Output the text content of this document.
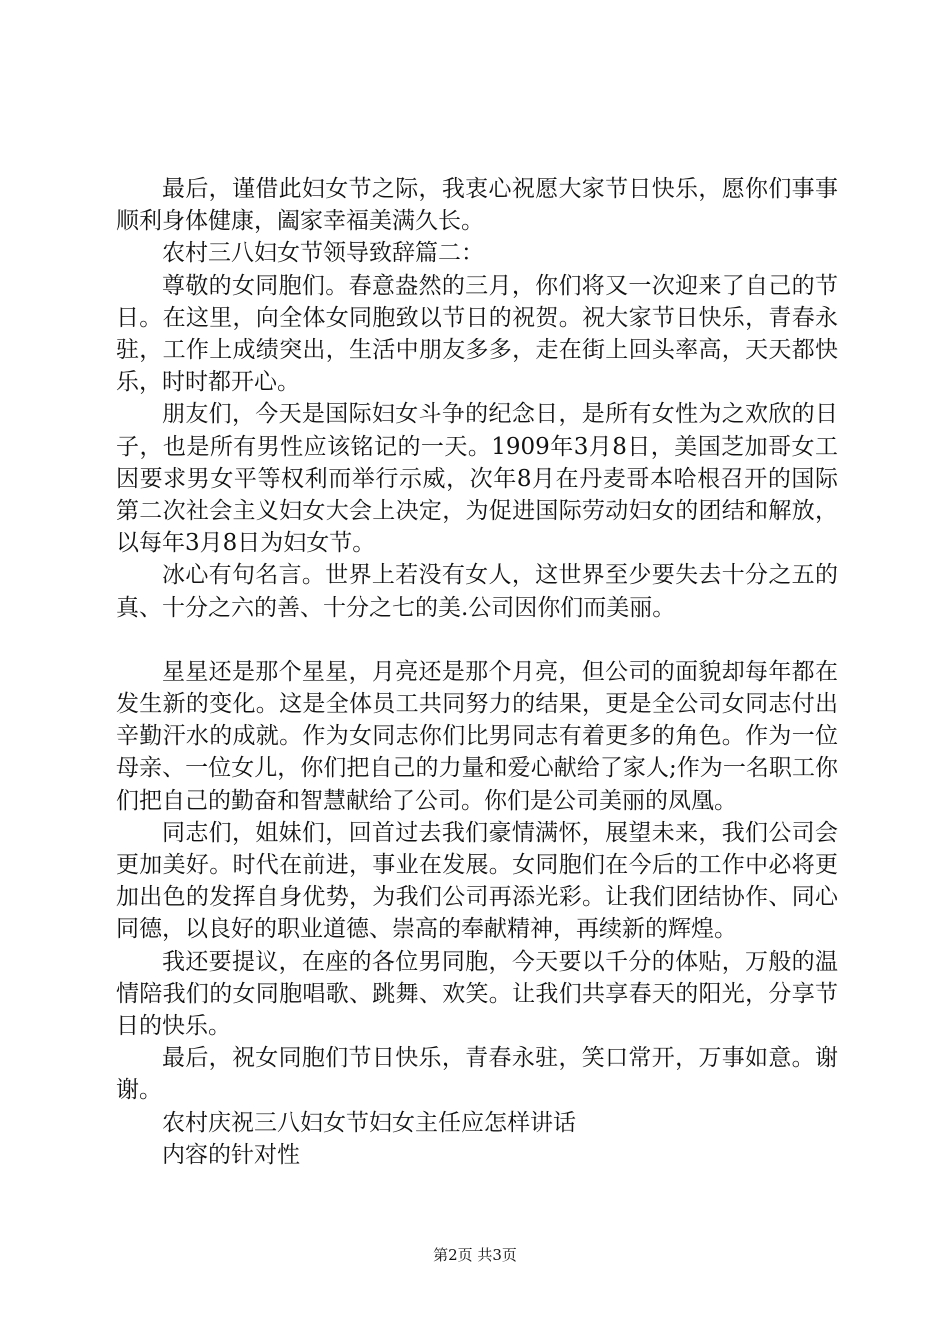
最后，谨借此妇女节之际，我衷心祝愿大家节日快乐，愿你们事事顺利身体健康，阖家幸福美满久长。

农村三八妇女节领导致辞篇二：

尊敬的女同胞们。春意盎然的三月，你们将又一次迎来了自己的节日。在这里，向全体女同胞致以节日的祝贺。祝大家节日快乐，青春永驻，工作上成绩突出，生活中朋友多多，走在街上回头率高，天天都快乐，时时都开心。

朋友们，今天是国际妇女斗争的纪念日，是所有女性为之欢欣的日子，也是所有男性应该铭记的一天。1909年3月8日，美国芝加哥女工因要求男女平等权利而举行示威，次年8月在丹麦哥本哈根召开的国际第二次社会主义妇女大会上决定，为促进国际劳动妇女的团结和解放，以每年3月8日为妇女节。

冰心有句名言。世界上若没有女人，这世界至少要失去十分之五的真、十分之六的善、十分之七的美.公司因你们而美丽。

星星还是那个星星，月亮还是那个月亮，但公司的面貌却每年都在发生新的变化。这是全体员工共同努力的结果，更是全公司女同志付出辛勤汗水的成就。作为女同志你们比男同志有着更多的角色。作为一位母亲、一位女儿，你们把自己的力量和爱心献给了家人;作为一名职工你们把自己的勤奋和智慧献给了公司。你们是公司美丽的凤凰。

同志们，姐妹们，回首过去我们豪情满怀，展望未来，我们公司会更加美好。时代在前进，事业在发展。女同胞们在今后的工作中必将更加出色的发挥自身优势，为我们公司再添光彩。让我们团结协作、同心同德，以良好的职业道德、崇高的奉献精神，再续新的辉煌。

我还要提议，在座的各位男同胞，今天要以千分的体贴，万般的温情陪我们的女同胞唱歌、跳舞、欢笑。让我们共享春天的阳光，分享节日的快乐。

最后，祝女同胞们节日快乐，青春永驻，笑口常开，万事如意。谢谢。

农村庆祝三八妇女节妇女主任应怎样讲话

内容的针对性

第2页 共3页
